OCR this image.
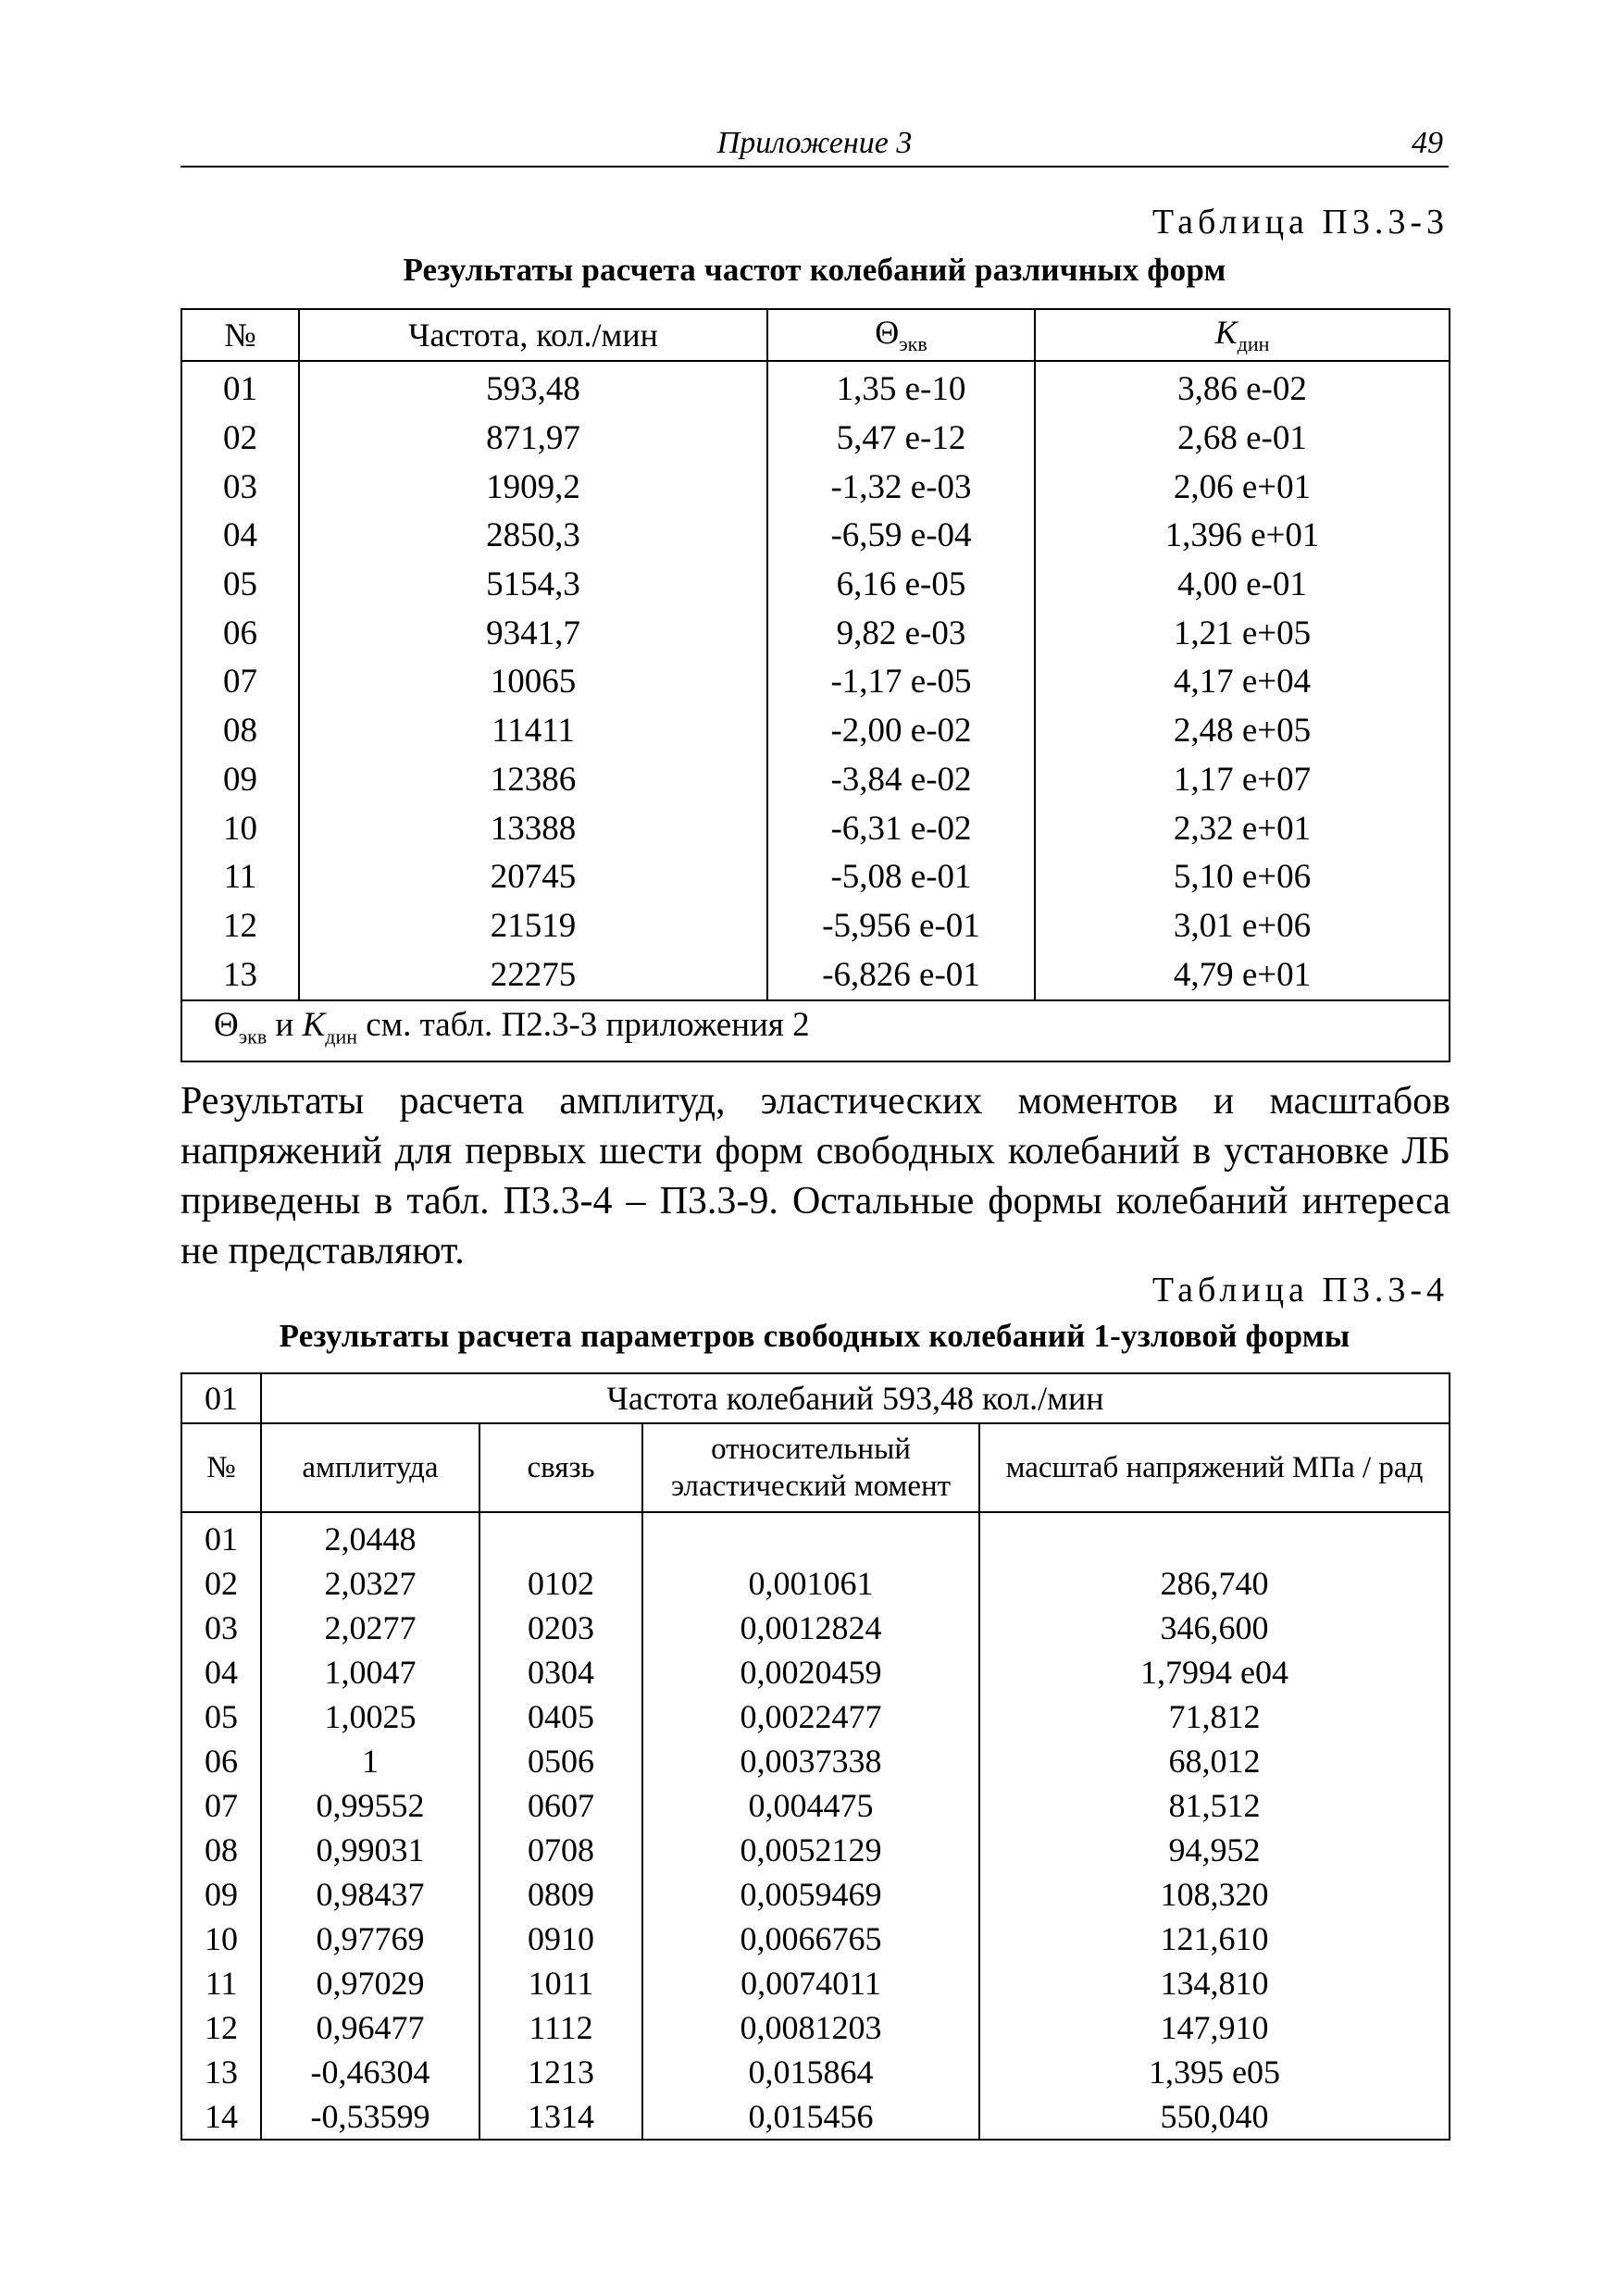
Приложение 3	49
Таблица П3.3-3
Результаты расчета частот колебаний различных форм
№	Частота, кол./мин	$\Theta_{экв}$	$K_{дин}$
01	593,48	1,35 е-10	3,86 е-02
02	871,97	5,47 е-12	2,68 е-01
03	1909,2	-1,32 е-03	2,06 е+01
04	2850,3	-6,59 е-04	1,396 е+01
05	5154,3	6,16 е-05	4,00 е-01
06	9341,7	9,82 е-03	1,21 е+05
07	10065	-1,17 е-05	4,17 е+04
08	11411	-2,00 е-02	2,48 е+05
09	12386	-3,84 е-02	1,17 е+07
10	13388	-6,31 е-02	2,32 е+01
11	20745	-5,08 е-01	5,10 е+06
12	21519	-5,956 е-01	3,01 е+06
13	22275	-6,826 е-01	4,79 е+01
$\Theta_{экв}$ и $K_{дин}$ см. табл. П2.3-3 приложения 2			
Результаты расчета амплитуд, эластических моментов и масштабов напряжений для первых шести форм свободных колебаний в установке ЛБ приведены в табл. П3.3-4 – П3.3-9. Остальные формы колебаний интереса не представляют.
Таблица П3.3-4
Результаты расчета параметров свободных колебаний 1-узловой формы
01	Частота колебаний 593,48 кол./мин			
№	амплитуда	связь	относительный эластический момент	масштаб напряжений МПа / рад
01	2,0448			
02	2,0327	0102	0,001061	286,740
03	2,0277	0203	0,0012824	346,600
04	1,0047	0304	0,0020459	1,7994 е04
05	1,0025	0405	0,0022477	71,812
06	1	0506	0,0037338	68,012
07	0,99552	0607	0,004475	81,512
08	0,99031	0708	0,0052129	94,952
09	0,98437	0809	0,0059469	108,320
10	0,97769	0910	0,0066765	121,610
11	0,97029	1011	0,0074011	134,810
12	0,96477	1112	0,0081203	147,910
13	-0,46304	1213	0,015864	1,395 е05
14	-0,53599	1314	0,015456	550,040
